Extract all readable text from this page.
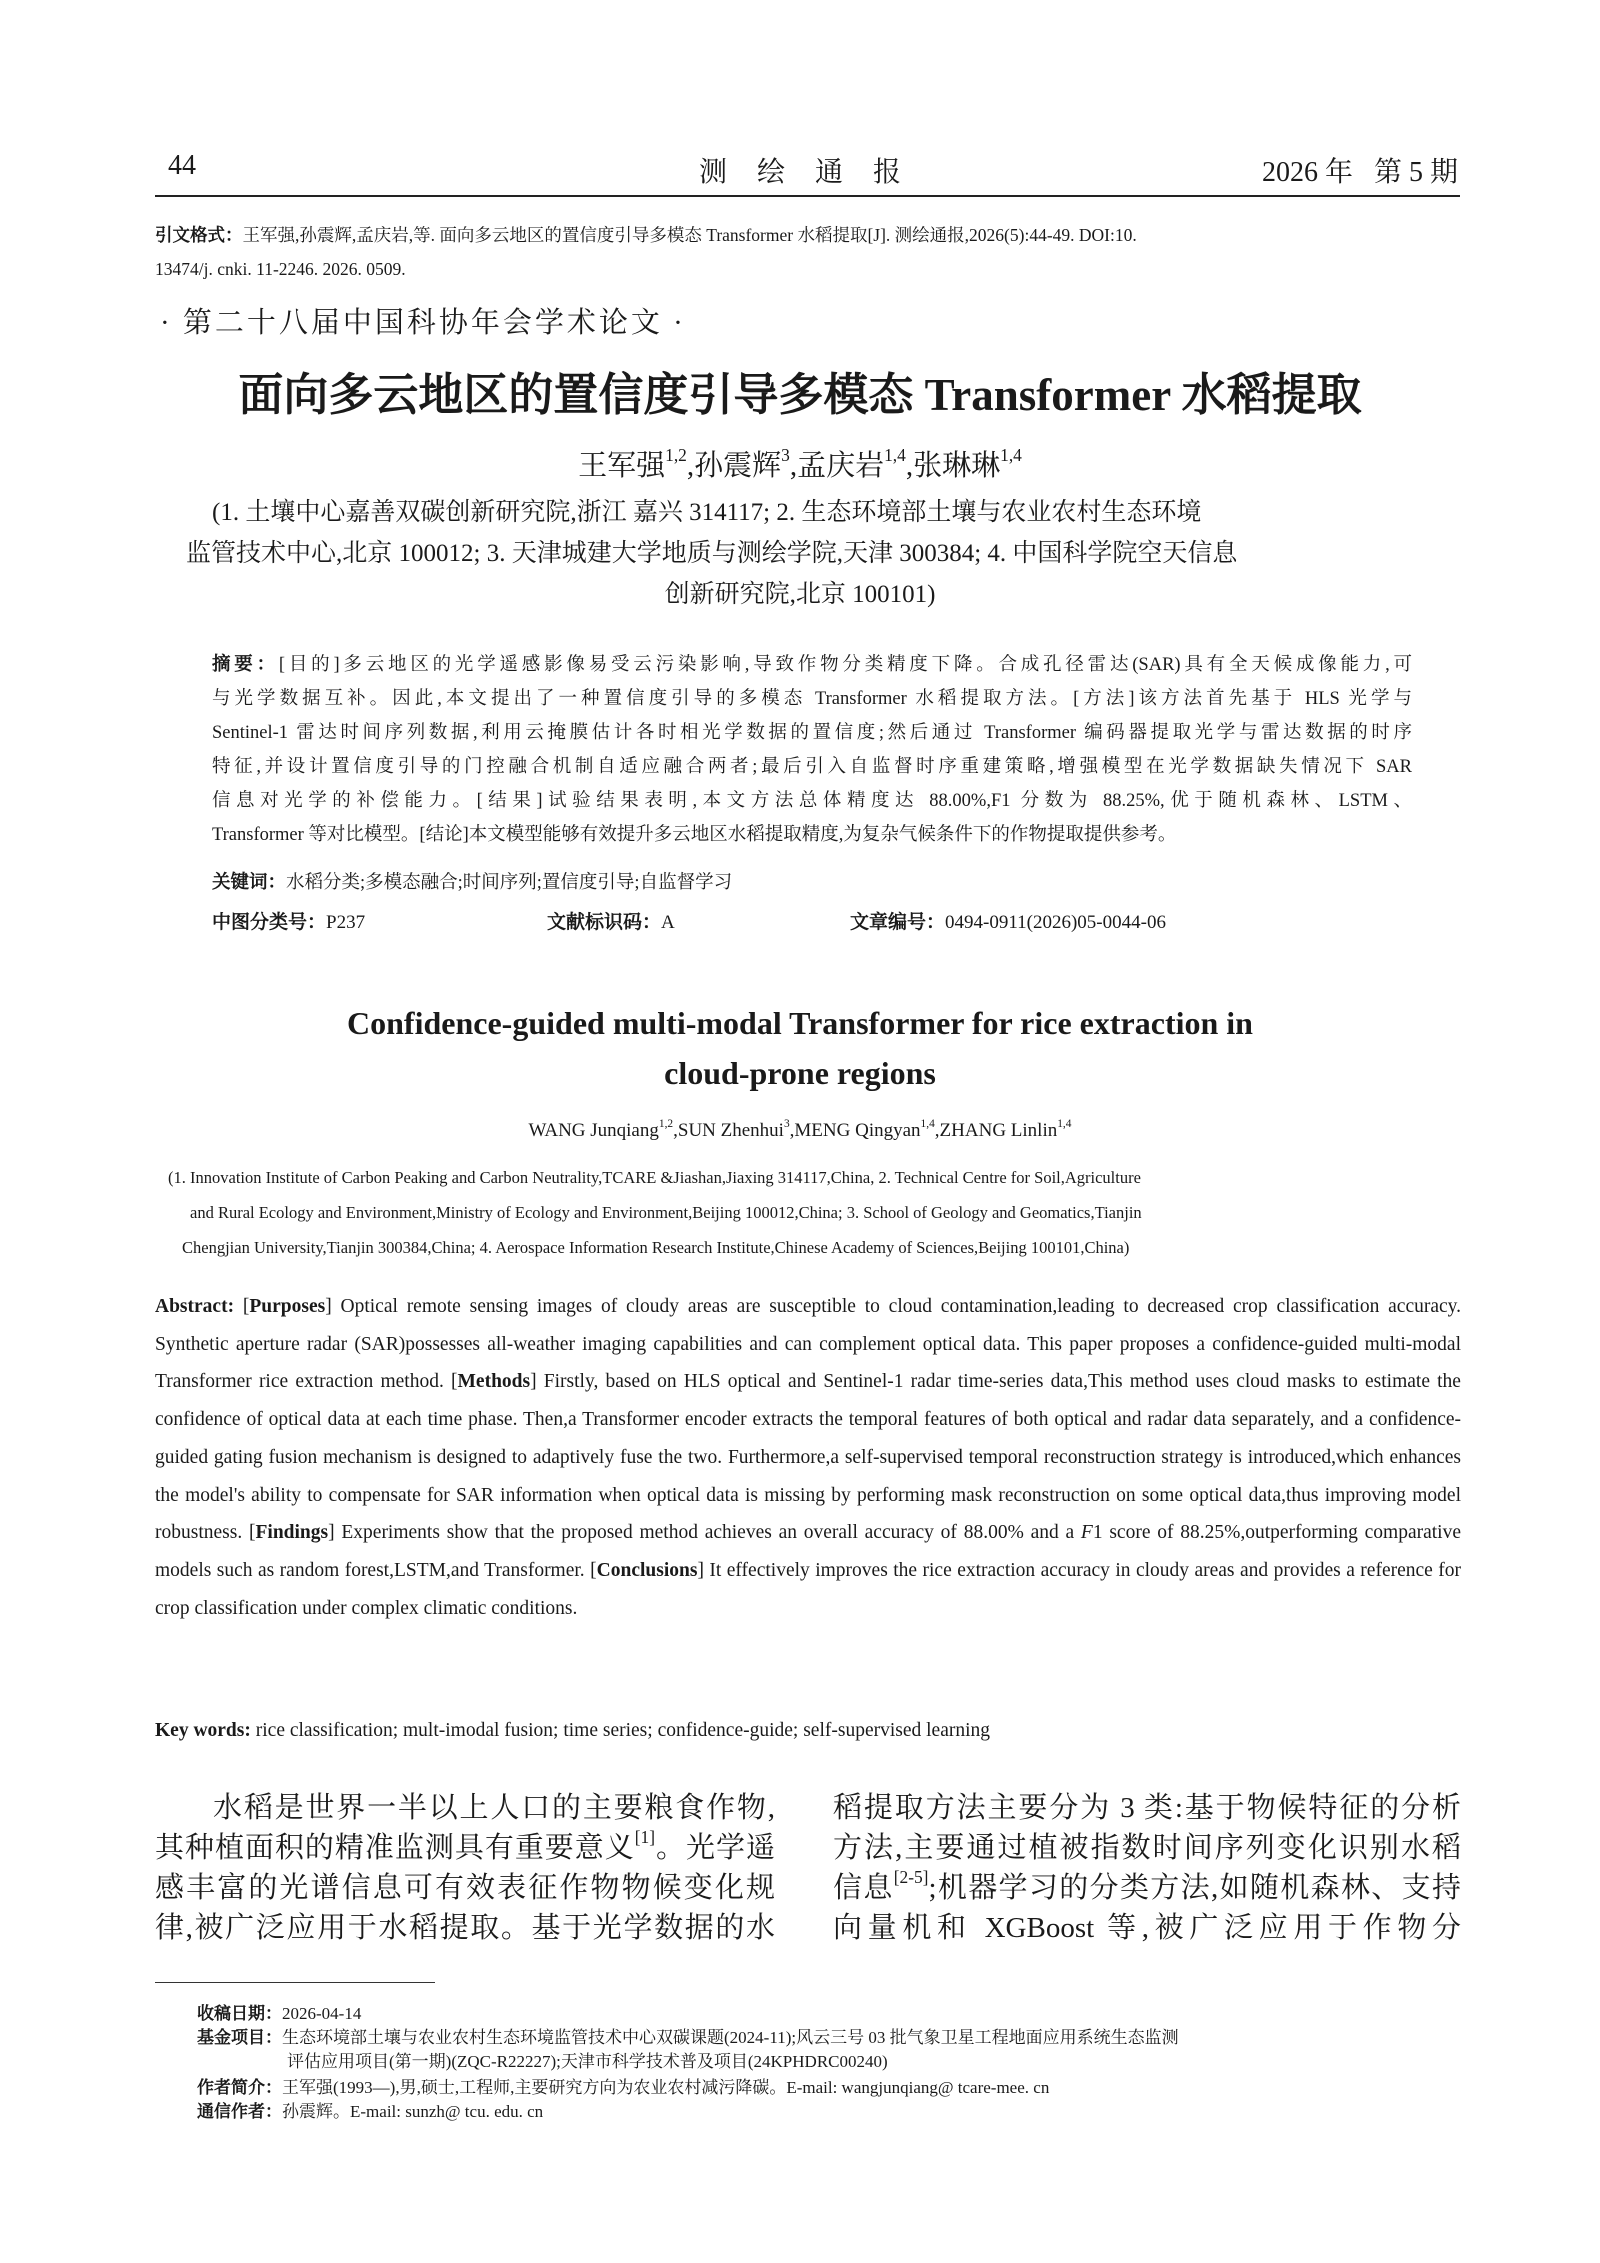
44	测绘通报	2026 年   第 5 期
引文格式：王军强,孙震辉,孟庆岩,等. 面向多云地区的置信度引导多模态 Transformer 水稻提取[J]. 测绘通报,2026(5):44-49. DOI:10.
13474/j. cnki. 11-2246. 2026. 0509.
· 第二十八届中国科协年会学术论文 ·
面向多云地区的置信度引导多模态 Transformer 水稻提取
王军强$^{1,2}$,孙震辉$^3$,孟庆岩$^{1,4}$,张琳琳$^{1,4}$
(1. 土壤中心嘉善双碳创新研究院,浙江 嘉兴 314117; 2. 生态环境部土壤与农业农村生态环境
监管技术中心,北京 100012; 3. 天津城建大学地质与测绘学院,天津 300384; 4. 中国科学院空天信息
创新研究院,北京 100101)
摘要：[目的]多云地区的光学遥感影像易受云污染影响,导致作物分类精度下降。合成孔径雷达(SAR)具有全天候成像能力,可
与光学数据互补。因此,本文提出了一种置信度引导的多模态 Transformer 水稻提取方法。[方法]该方法首先基于 HLS 光学与
Sentinel-1 雷达时间序列数据,利用云掩膜估计各时相光学数据的置信度;然后通过 Transformer 编码器提取光学与雷达数据的时序
特征,并设计置信度引导的门控融合机制自适应融合两者;最后引入自监督时序重建策略,增强模型在光学数据缺失情况下 SAR
信息对光学的补偿能力。[结果]试验结果表明,本文方法总体精度达 88.00%,F1 分数为 88.25%,优于随机森林、LSTM、
Transformer 等对比模型。[结论]本文模型能够有效提升多云地区水稻提取精度,为复杂气候条件下的作物提取提供参考。
关键词：水稻分类;多模态融合;时间序列;置信度引导;自监督学习
中图分类号：P237	文献标识码：A	文章编号：0494-0911(2026)05-0044-06
Confidence-guided multi-modal Transformer for rice extraction in
cloud-prone regions
WANG Junqiang$^{1,2}$,SUN Zhenhui$^3$,MENG Qingyan$^{1,4}$,ZHANG Linlin$^{1,4}$
(1. Innovation Institute of Carbon Peaking and Carbon Neutrality,TCARE &Jiashan,Jiaxing 314117,China, 2. Technical Centre for Soil,Agriculture
and Rural Ecology and Environment,Ministry of Ecology and Environment,Beijing 100012,China; 3. School of Geology and Geomatics,Tianjin
Chengjian University,Tianjin 300384,China; 4. Aerospace Information Research Institute,Chinese Academy of Sciences,Beijing 100101,China)
Abstract: [Purposes] Optical remote sensing images of cloudy areas are susceptible to cloud contamination,leading to decreased crop classification accuracy. Synthetic aperture radar (SAR)possesses all-weather imaging capabilities and can complement optical data. This paper proposes a confidence-guided multi-modal Transformer rice extraction method. [Methods] Firstly, based on HLS optical and Sentinel-1 radar time-series data,This method uses cloud masks to estimate the confidence of optical data at each time phase. Then,a Transformer encoder extracts the temporal features of both optical and radar data separately, and a confidence-guided gating fusion mechanism is designed to adaptively fuse the two. Furthermore,a self-supervised temporal reconstruction strategy is introduced,which enhances the model's ability to compensate for SAR information when optical data is missing by performing mask reconstruction on some optical data,thus improving model robustness. [Findings] Experiments show that the proposed method achieves an overall accuracy of 88.00% and a F1 score of 88.25%,outperforming comparative models such as random forest,LSTM,and Transformer. [Conclusions] It effectively improves the rice extraction accuracy in cloudy areas and provides a reference for crop classification under complex climatic conditions.
Key words: rice classification; mult-imodal fusion; time series; confidence-guide; self-supervised learning
水稻是世界一半以上人口的主要粮食作物,
其种植面积的精准监测具有重要意义[1]。光学遥
感丰富的光谱信息可有效表征作物物候变化规
律,被广泛应用于水稻提取。基于光学数据的水
稻提取方法主要分为 3 类:基于物候特征的分析
方法,主要通过植被指数时间序列变化识别水稻
信息[2-5];机器学习的分类方法,如随机森林、支持
向量机和 XGBoost 等,被广泛应用于作物分
收稿日期：2026-04-14
基金项目：生态环境部土壤与农业农村生态环境监管技术中心双碳课题(2024-11);风云三号 03 批气象卫星工程地面应用系统生态监测
评估应用项目(第一期)(ZQC-R22227);天津市科学技术普及项目(24KPHDRC00240)
作者简介：王军强(1993—),男,硕士,工程师,主要研究方向为农业农村减污降碳。E-mail: wangjunqiang@ tcare-mee. cn
通信作者：孙震辉。E-mail: sunzh@ tcu. edu. cn
